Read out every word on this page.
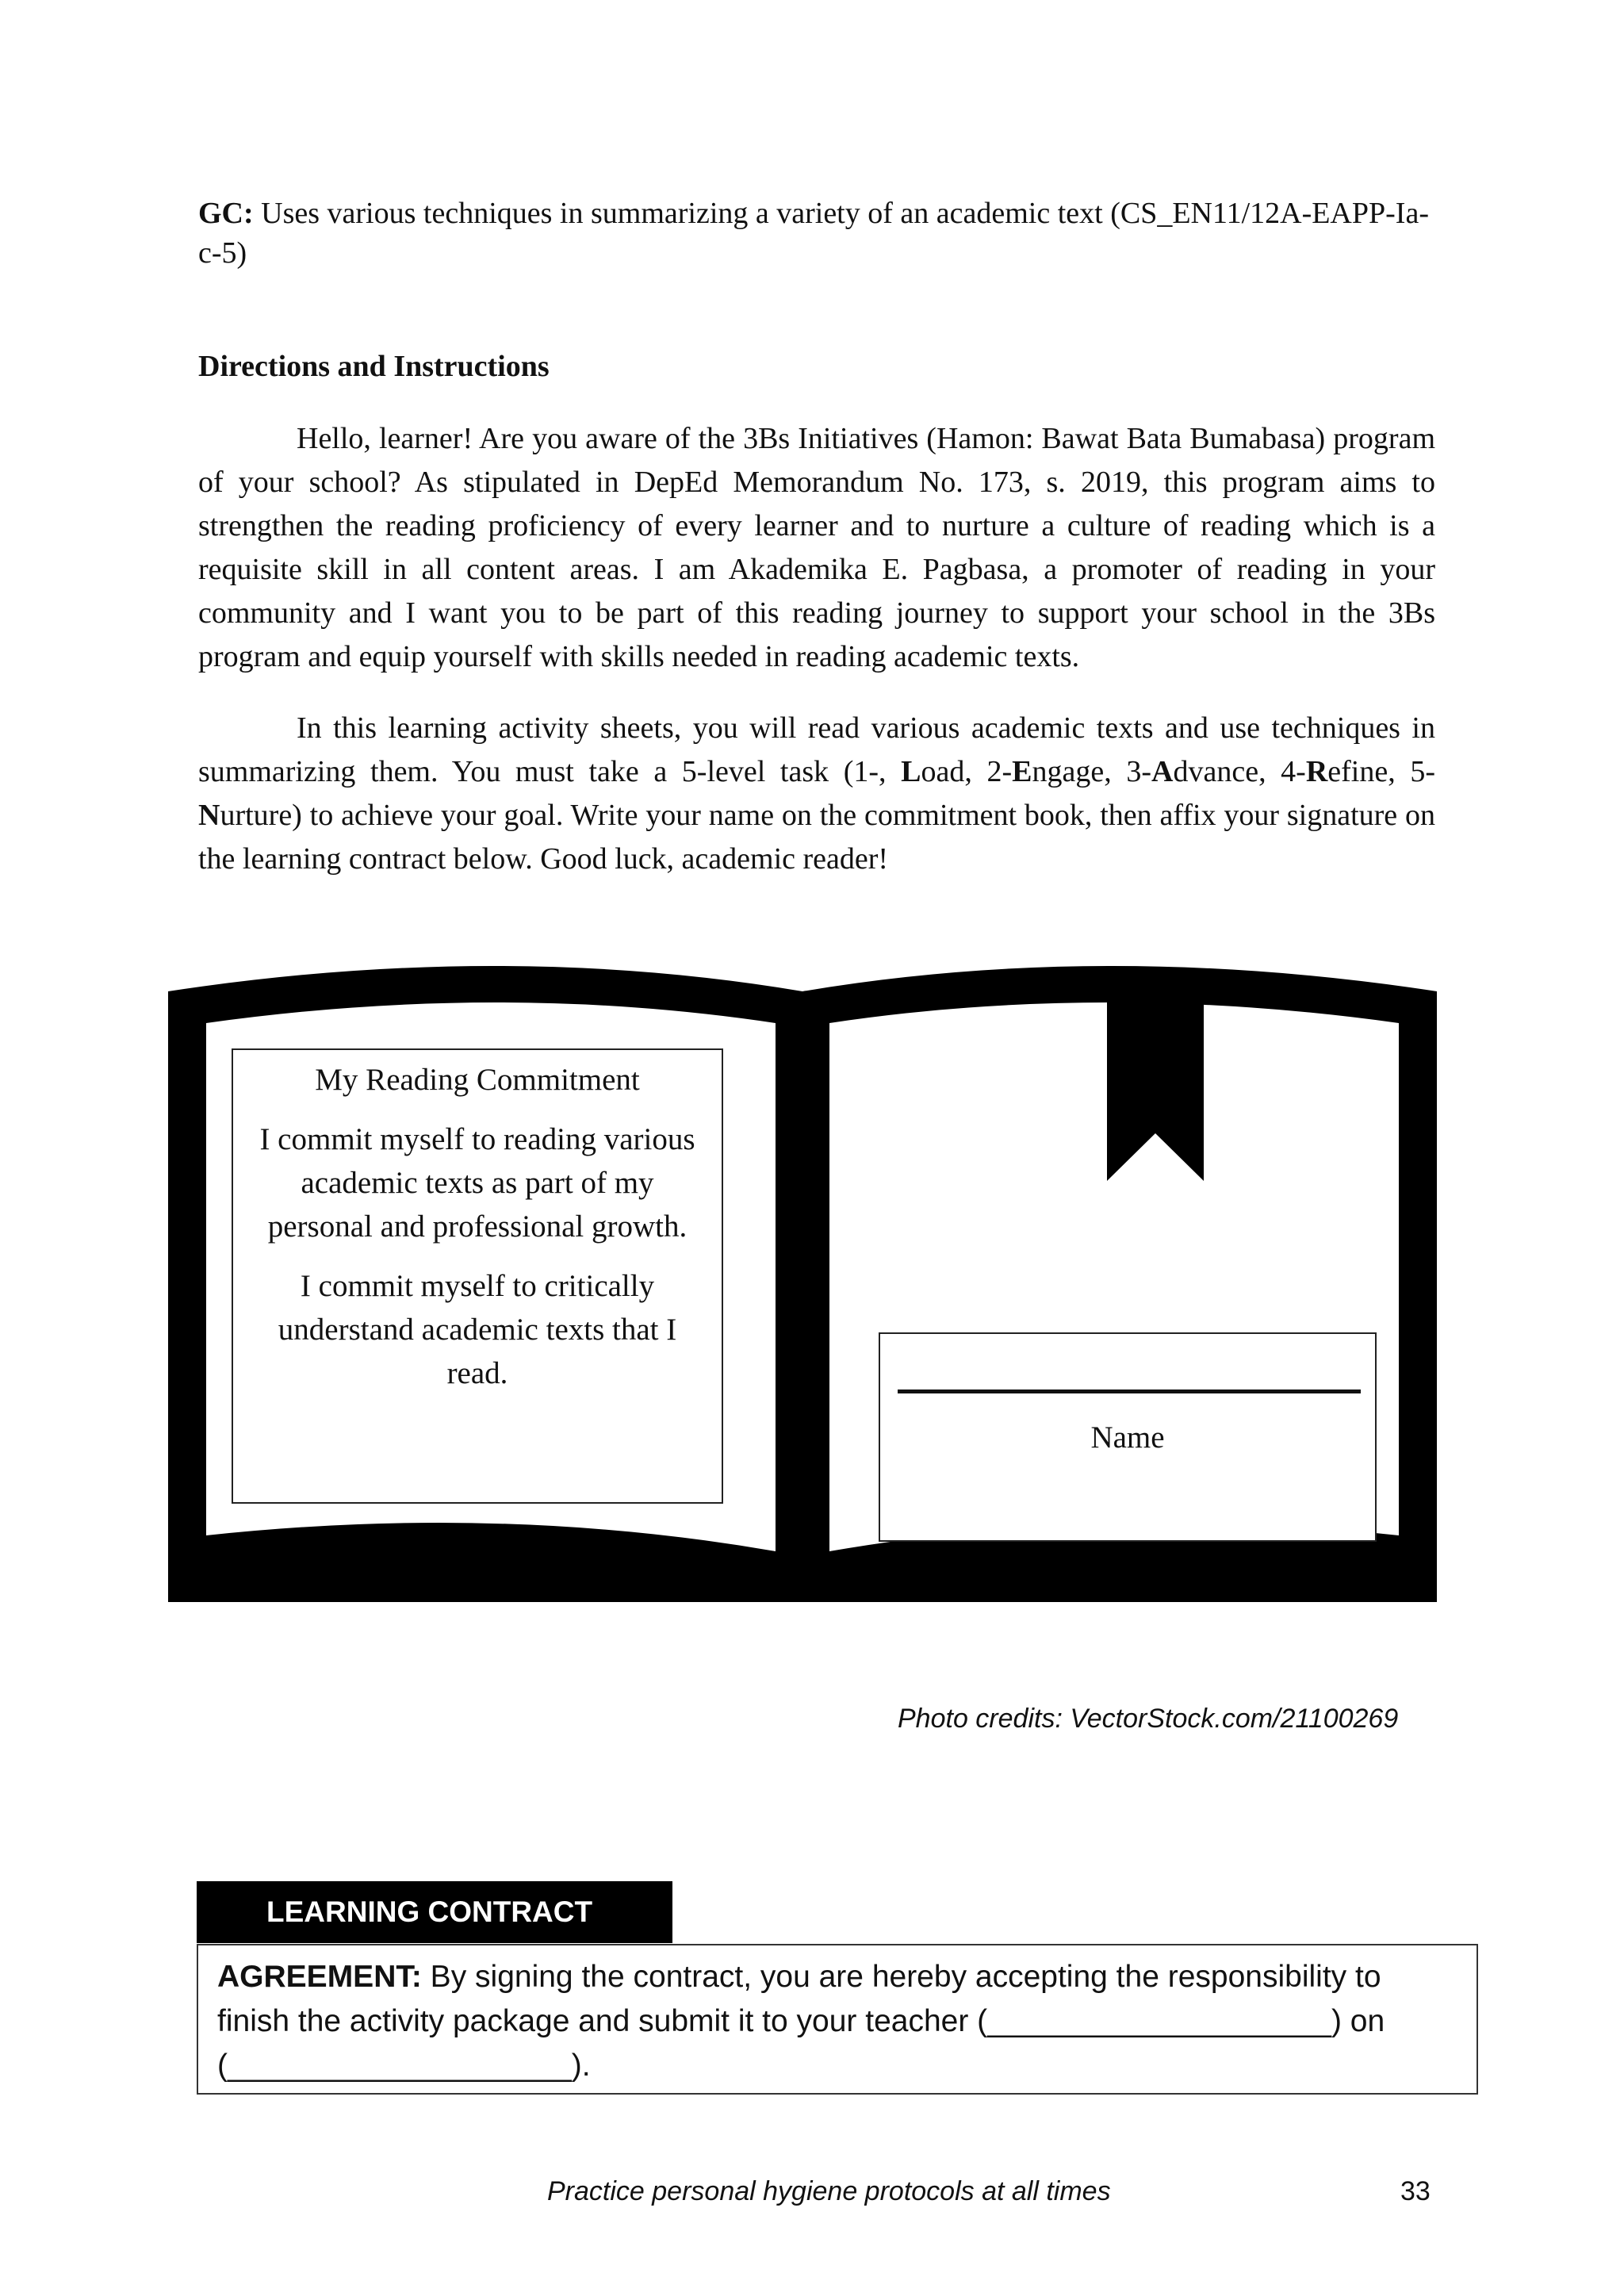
GC: Uses various techniques in summarizing a variety of an academic text (CS_EN11/12A-EAPP-Ia-c-5)
Directions and Instructions

Hello, learner! Are you aware of the 3Bs Initiatives (Hamon: Bawat Bata Bumabasa) program of your school? As stipulated in DepEd Memorandum No. 173, s. 2019, this program aims to strengthen the reading proficiency of every learner and to nurture a culture of reading which is a requisite skill in all content areas. I am Akademika E. Pagbasa, a promoter of reading in your community and I want you to be part of this reading journey to support your school in the 3Bs program and equip yourself with skills needed in reading academic texts.

In this learning activity sheets, you will read various academic texts and use techniques in summarizing them. You must take a 5-level task (1-, Load, 2-Engage, 3-Advance, 4-Refine, 5-Nurture) to achieve your goal. Write your name on the commitment book, then affix your signature on the learning contract below. Good luck, academic reader!

My Reading Commitment

I commit myself to reading various academic texts as part of my personal and professional growth.

I commit myself to critically understand academic texts that I read.

Name
Photo credits: VectorStock.com/21100269
LEARNING CONTRACT
AGREEMENT: By signing the contract, you are hereby accepting the responsibility to finish the activity package and submit it to your teacher (____________________) on (____________________).
Practice personal hygiene protocols at all times	33
